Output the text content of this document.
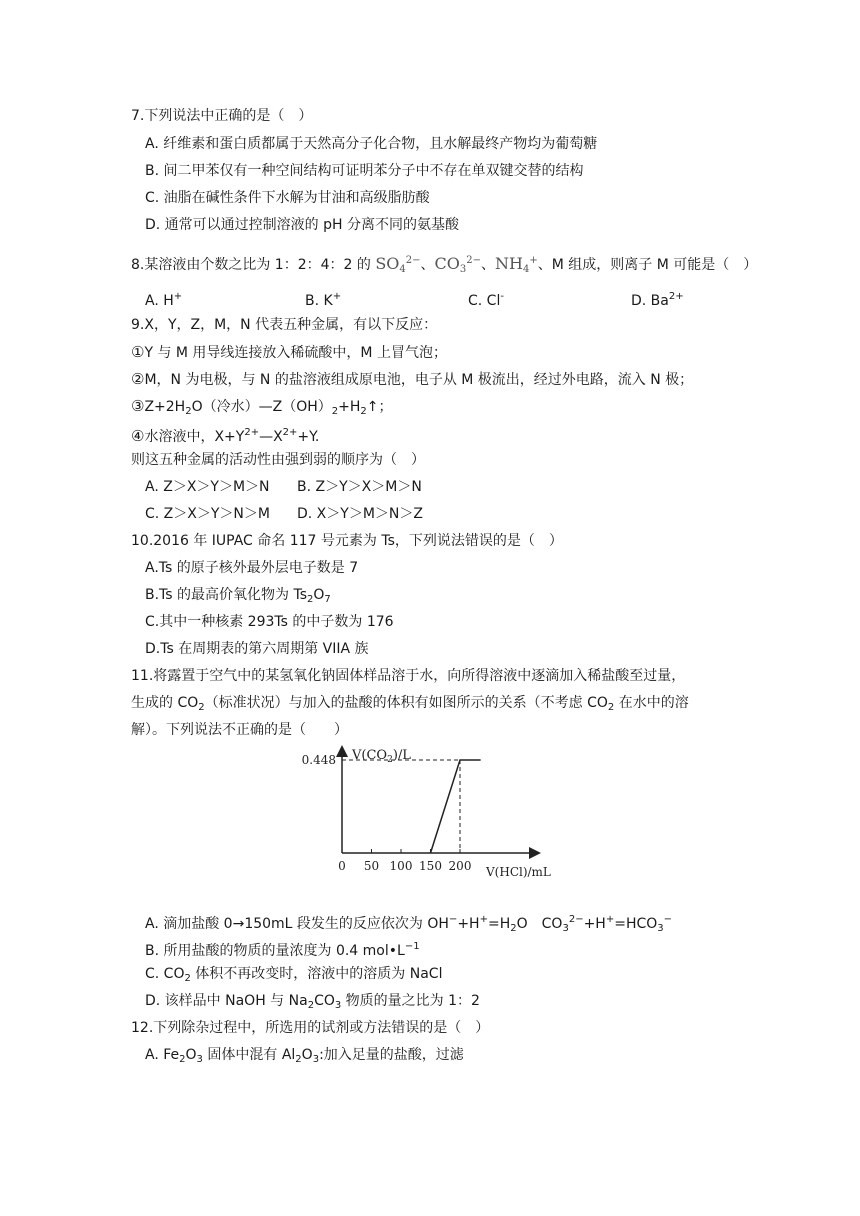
7.下列说法中正确的是（　）
A. 纤维素和蛋白质都属于天然高分子化合物，且水解最终产物均为葡萄糖
B. 间二甲苯仅有一种空间结构可证明苯分子中不存在单双键交替的结构
C. 油脂在碱性条件下水解为甘油和高级脂肪酸
D. 通常可以通过控制溶液的 pH 分离不同的氨基酸
8.某溶液由个数之比为 1：2：4：2 的 $SO_4^{2-}$、$CO_3^{2-}$、$NH_4^+$、M 组成，则离子 M 可能是（　）
A. H+	B. K+	C. Cl-	D. $Ba^{2+}$
9.X，Y，Z，M，N 代表五种金属，有以下反应：
①Y 与 M 用导线连接放入稀硫酸中，M 上冒气泡；
②M，N 为电极，与 N 的盐溶液组成原电池，电子从 M 极流出，经过外电路，流入 N 极；
$③Z+2H_2O$（冷水）$—Z(OH)_2+H_2↑$；
④水溶液中，$X+Y^{2+}—X^{2+}+Y$.
则这五种金属的活动性由强到弱的顺序为（　）
A. Z＞X＞Y＞M＞N B. Z＞Y＞X＞M＞N
C. Z＞X＞Y＞N＞M D. X＞Y＞M＞N＞Z
10.2016 年 IUPAC 命名 117 号元素为 Ts，下列说法错误的是（　）
A.Ts 的原子核外最外层电子数是 7
B.Ts 的最高价氧化物为 $Ts_2O_7$
C.其中一种核素 293Ts 的中子数为 176
D.Ts 在周期表的第六周期第 VIIA 族
11.将露置于空气中的某氢氧化钠固体样品溶于水，向所得溶液中逐滴加入稀盐酸至过量，
生成的 $CO_2$（标准状况）与加入的盐酸的体积有如图所示的关系（不考虑 $CO_2$ 在水中的溶
解）。下列说法不正确的是（　　）
$V(CO_2)/L$
V(HCl)/mL
0 50 100 150 200
0.448
A. 滴加盐酸 0→150mL 段发生的反应依次为 $OH^-+H^+=H_2O$　$CO_3^{2-}+H^+=HCO_3^-$
B. 所用盐酸的物质的量浓度为 0.4 $mol•L^{-1}$
C. $CO_2$ 体积不再改变时，溶液中的溶质为 NaCl
D. 该样品中 NaOH 与 $Na_2CO_3$ 物质的量之比为 1：2
12.下列除杂过程中，所选用的试剂或方法错误的是（　）
A. $Fe_2O_3$ 固体中混有 $Al_2O_3$:加入足量的盐酸，过滤
